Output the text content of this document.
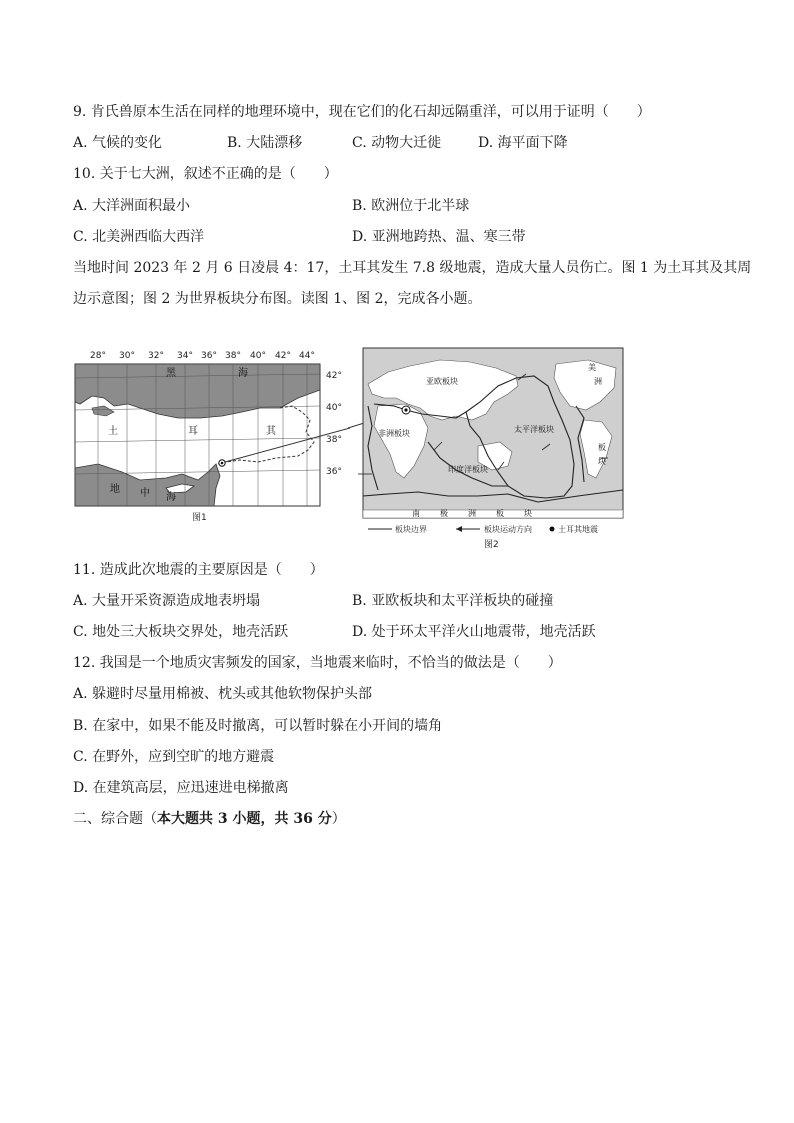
9. 肯氏兽原本生活在同样的地理环境中，现在它们的化石却远隔重洋，可以用于证明（　　）
A. 气候的变化	B. 大陆漂移	C. 动物大迁徙	D. 海平面下降
10. 关于七大洲，叙述不正确的是（　　）
A. 大洋洲面积最小	B. 欧洲位于北半球
C. 北美洲西临大西洋	D. 亚洲地跨热、温、寒三带
当地时间 2023 年 2 月 6 日凌晨 4：17，土耳其发生 7.8 级地震，造成大量人员伤亡。图 1 为土耳其及其周
边示意图；图 2 为世界板块分布图。读图 1、图 2，完成各小题。
28° 30° 32° 34° 36° 38° 40° 42° 44°
42°
40°
38°
36°
黑	海
土	耳	其
地 中 海
图1
亚欧板块
非洲板块	太平洋板块
印度洋板块
美
洲
板
块
南	极	洲	板	块
板块边界	板块运动方向	土耳其地震
图2
11. 造成此次地震的主要原因是（　　）
A. 大量开采资源造成地表坍塌	B. 亚欧板块和太平洋板块的碰撞
C. 地处三大板块交界处，地壳活跃	D. 处于环太平洋火山地震带，地壳活跃
12. 我国是一个地质灾害频发的国家，当地震来临时，不恰当的做法是（　　）
A. 躲避时尽量用棉被、枕头或其他软物保护头部
B. 在家中，如果不能及时撤离，可以暂时躲在小开间的墙角
C. 在野外，应到空旷的地方避震
D. 在建筑高层，应迅速进电梯撤离
二、综合题（本大题共 3 小题，共 36 分）
